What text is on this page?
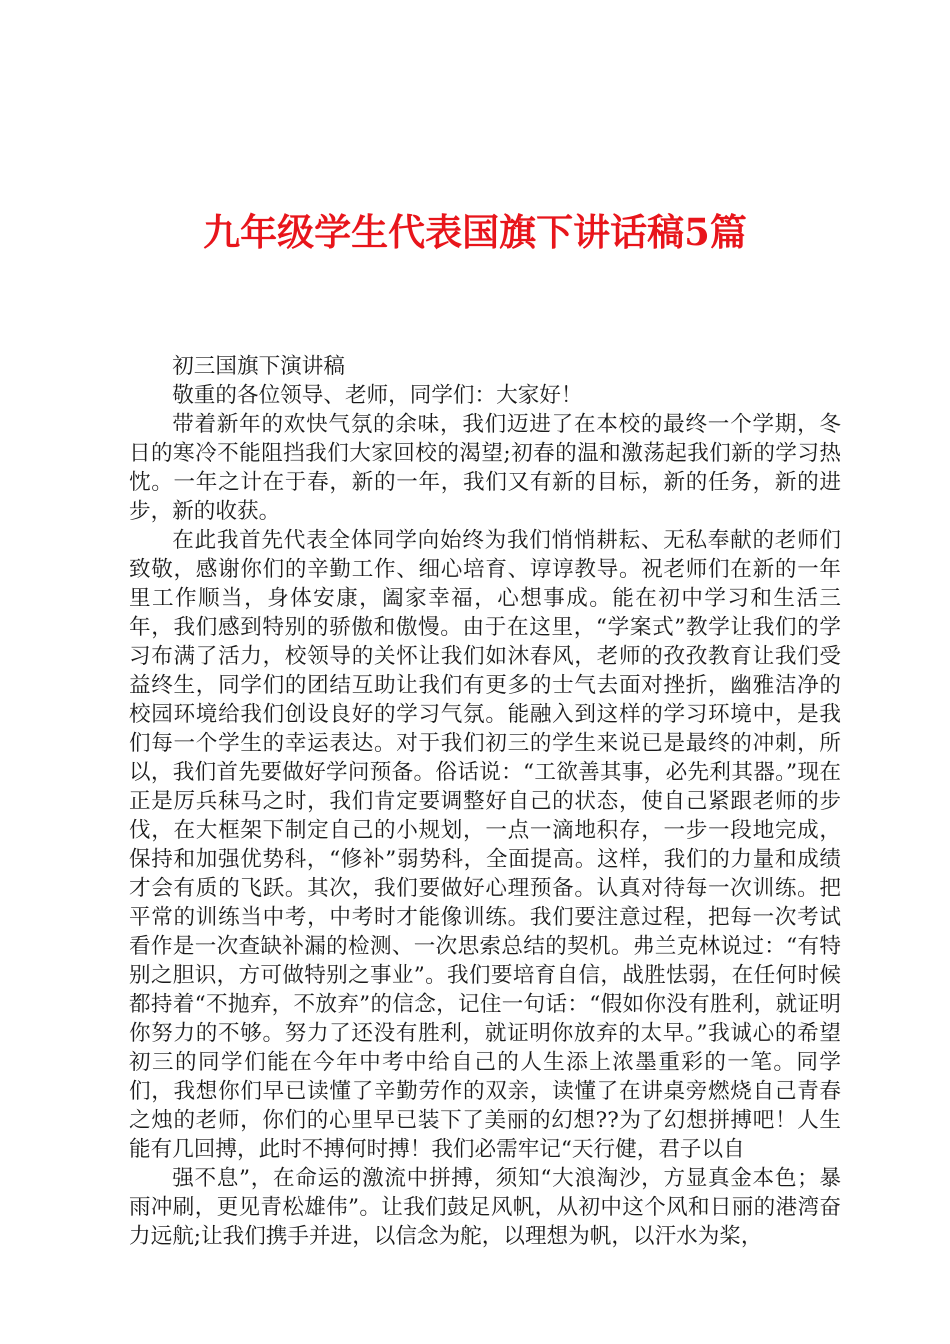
九年级学生代表国旗下讲话稿5篇

初三国旗下演讲稿

敬重的各位领导、老师，同学们：大家好！

带着新年的欢快气氛的余味，我们迈进了在本校的最终一个学期，冬日的寒冷不能阻挡我们大家回校的渴望;初春的温和激荡起我们新的学习热忱。一年之计在于春，新的一年，我们又有新的目标，新的任务，新的进步，新的收获。

在此我首先代表全体同学向始终为我们悄悄耕耘、无私奉献的老师们致敬，感谢你们的辛勤工作、细心培育、谆谆教导。祝老师们在新的一年里工作顺当，身体安康，阖家幸福，心想事成。能在初中学习和生活三年，我们感到特别的骄傲和傲慢。由于在这里，“学案式”教学让我们的学习布满了活力，校领导的关怀让我们如沐春风，老师的孜孜教育让我们受益终生，同学们的团结互助让我们有更多的士气去面对挫折，幽雅洁净的校园环境给我们创设良好的学习气氛。能融入到这样的学习环境中，是我们每一个学生的幸运表达。对于我们初三的学生来说已是最终的冲刺，所以，我们首先要做好学问预备。俗话说：“工欲善其事，必先利其器。”现在正是厉兵秣马之时，我们肯定要调整好自己的状态，使自己紧跟老师的步伐，在大框架下制定自己的小规划，一点一滴地积存，一步一段地完成，保持和加强优势科，“修补”弱势科，全面提高。这样，我们的力量和成绩才会有质的飞跃。其次，我们要做好心理预备。认真对待每一次训练。把平常的训练当中考，中考时才能像训练。我们要注意过程，把每一次考试看作是一次查缺补漏的检测、一次思索总结的契机。弗兰克林说过：“有特别之胆识，方可做特别之事业”。我们要培育自信，战胜怯弱，在任何时候都持着“不抛弃，不放弃”的信念，记住一句话：“假如你没有胜利，就证明你努力的不够。努力了还没有胜利，就证明你放弃的太早。”我诚心的希望初三的同学们能在今年中考中给自己的人生添上浓墨重彩的一笔。同学们，我想你们早已读懂了辛勤劳作的双亲，读懂了在讲桌旁燃烧自己青春之烛的老师，你们的心里早已装下了美丽的幻想??为了幻想拼搏吧！人生能有几回搏，此时不搏何时搏！我们必需牢记“天行健，君子以自

强不息”，在命运的激流中拼搏，须知“大浪淘沙，方显真金本色；暴雨冲刷，更见青松雄伟”。让我们鼓足风帆，从初中这个风和日丽的港湾奋力远航;让我们携手并进，以信念为舵，以理想为帆，以汗水为桨，
